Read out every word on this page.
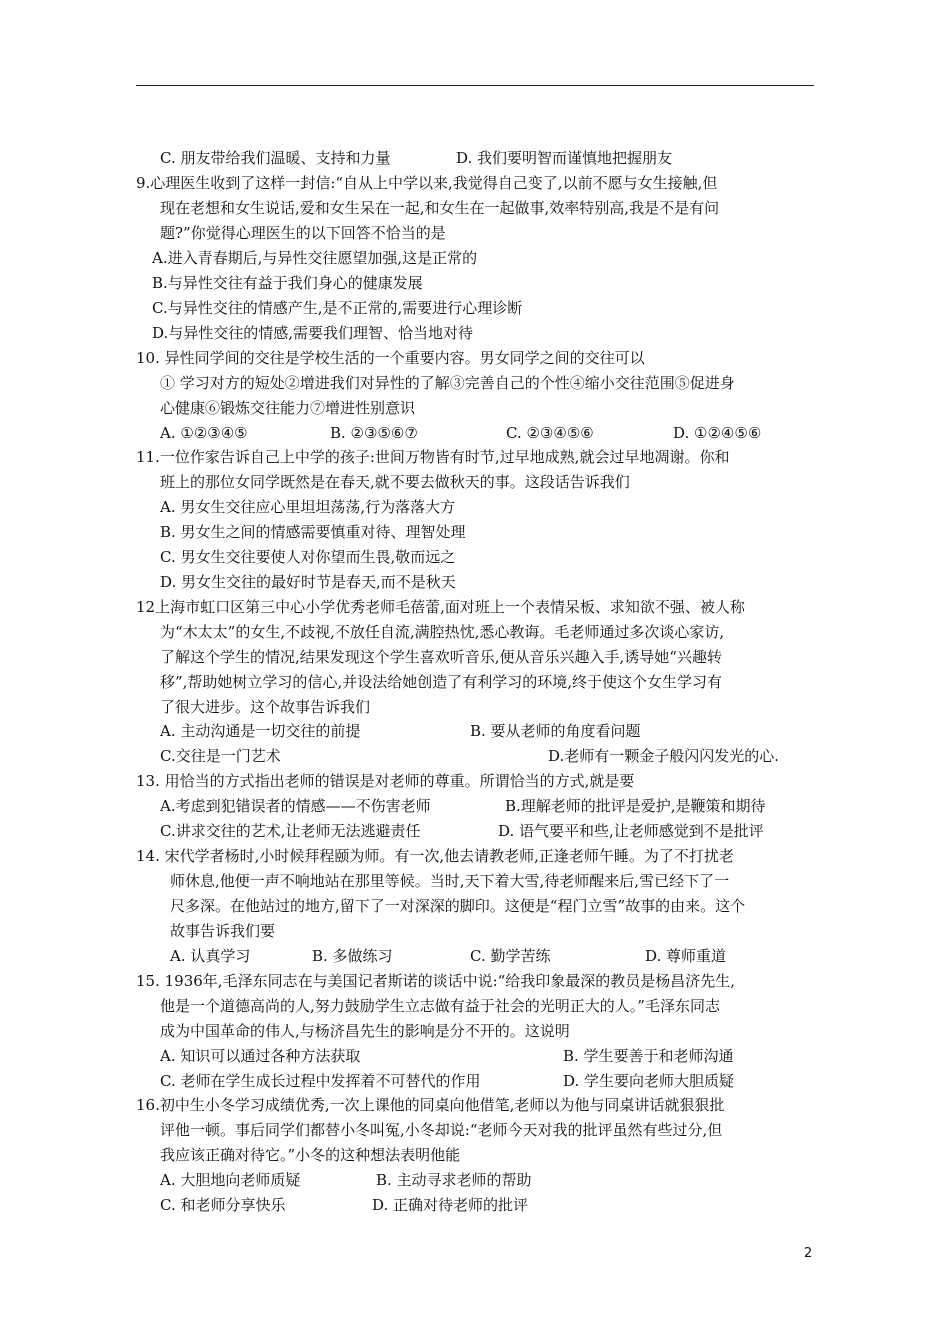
C. 朋友带给我们温暖、支持和力量	D. 我们要明智而谨慎地把握朋友
9.心理医生收到了这样一封信:“自从上中学以来,我觉得自己变了,以前不愿与女生接触,但
现在老想和女生说话,爱和女生呆在一起,和女生在一起做事,效率特别高,我是不是有问
题?”你觉得心理医生的以下回答不恰当的是
A.进入青春期后,与异性交往愿望加强,这是正常的
B.与异性交往有益于我们身心的健康发展
C.与异性交往的情感产生,是不正常的,需要进行心理诊断
D.与异性交往的情感,需要我们理智、恰当地对待
10. 异性同学间的交往是学校生活的一个重要内容。男女同学之间的交往可以
① 学习对方的短处②增进我们对异性的了解③完善自己的个性④缩小交往范围⑤促进身
心健康⑥锻炼交往能力⑦增进性别意识
A. ①②③④⑤	B. ②③⑤⑥⑦	C. ②③④⑤⑥	D. ①②④⑤⑥
11.一位作家告诉自己上中学的孩子:世间万物皆有时节,过早地成熟,就会过早地凋谢。你和
班上的那位女同学既然是在春天,就不要去做秋天的事。这段话告诉我们
A. 男女生交往应心里坦坦荡荡,行为落落大方
B. 男女生之间的情感需要慎重对待、理智处理
C. 男女生交往要使人对你望而生畏,敬而远之
D. 男女生交往的最好时节是春天,而不是秋天
12上海市虹口区第三中心小学优秀老师毛蓓蕾,面对班上一个表情呆板、求知欲不强、被人称
为“木太太”的女生,不歧视,不放任自流,满腔热忱,悉心教诲。毛老师通过多次谈心家访,
了解这个学生的情况,结果发现这个学生喜欢听音乐,便从音乐兴趣入手,诱导她“兴趣转
移”,帮助她树立学习的信心,并设法给她创造了有利学习的环境,终于使这个女生学习有
了很大进步。这个故事告诉我们
A. 主动沟通是一切交往的前提	B. 要从老师的角度看问题
C.交往是一门艺术	D.老师有一颗金子般闪闪发光的心.
13. 用恰当的方式指出老师的错误是对老师的尊重。所谓恰当的方式,就是要
A.考虑到犯错误者的情感——不伤害老师	B.理解老师的批评是爱护,是鞭策和期待
C.讲求交往的艺术,让老师无法逃避责任	D. 语气要平和些,让老师感觉到不是批评
14. 宋代学者杨时,小时候拜程颐为师。有一次,他去请教老师,正逢老师午睡。为了不打扰老
师休息,他便一声不响地站在那里等候。当时,天下着大雪,待老师醒来后,雪已经下了一
尺多深。在他站过的地方,留下了一对深深的脚印。这便是“程门立雪”故事的由来。这个
故事告诉我们要
A. 认真学习	B. 多做练习	C. 勤学苦练	D. 尊师重道
15. 1936年,毛泽东同志在与美国记者斯诺的谈话中说:“给我印象最深的教员是杨昌济先生,
他是一个道德高尚的人,努力鼓励学生立志做有益于社会的光明正大的人。”毛泽东同志
成为中国革命的伟人,与杨济昌先生的影响是分不开的。这说明
A. 知识可以通过各种方法获取	B. 学生要善于和老师沟通
C. 老师在学生成长过程中发挥着不可替代的作用	D. 学生要向老师大胆质疑
16.初中生小冬学习成绩优秀,一次上课他的同桌向他借笔,老师以为他与同桌讲话就狠狠批
评他一顿。事后同学们都替小冬叫冤,小冬却说:“老师今天对我的批评虽然有些过分,但
我应该正确对待它。”小冬的这种想法表明他能
A. 大胆地向老师质疑	B. 主动寻求老师的帮助
C. 和老师分享快乐	D. 正确对待老师的批评
2
